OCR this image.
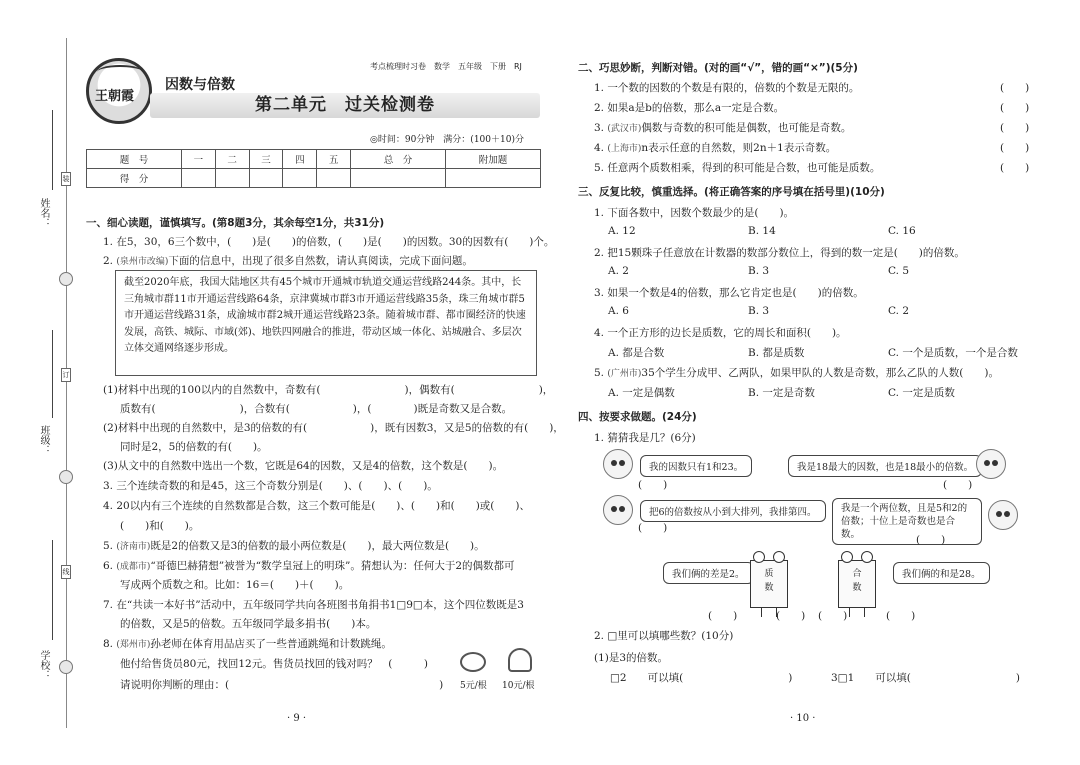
姓名：
班级：
学校：
装
订
线
王朝霞
考点梳理时习卷　数学　五年级　下册　RJ
因数与倍数
第二单元　过关检测卷
◎时间：90分钟　满分：(100＋10)分
题　号	一	二	三	四	五	总　分	附加题
得　分							
一、细心读题，谨慎填写。(第8题3分，其余每空1分，共31分)
1. 在5，30，6三个数中，(　　)是(　　)的倍数，(　　)是(　　)的因数。30的因数有(　　)个。
2. (泉州市改编)下面的信息中，出现了很多自然数，请认真阅读，完成下面问题。
截至2020年底，我国大陆地区共有45个城市开通城市轨道交通运营线路244条。其中，长三角城市群11市开通运营线路64条，京津冀城市群3市开通运营线路35条，珠三角城市群5市开通运营线路31条，成渝城市群2城开通运营线路23条。随着城市群、都市圈经济的快速发展，高铁、城际、市域(郊)、地铁四网融合的推进，带动区域一体化、站城融合、多层次立体交通网络逐步形成。
(1)材料中出现的100以内的自然数中，奇数有(　　　　　　　　)，偶数有(　　　　　　　　)，
质数有(　　　　　　　　)，合数有(　　　　　　)，(　　　　)既是奇数又是合数。
(2)材料中出现的自然数中，是3的倍数的有(　　　　　　)，既有因数3，又是5的倍数的有(　　)，
同时是2，5的倍数的有(　　)。
(3)从文中的自然数中选出一个数，它既是64的因数，又是4的倍数，这个数是(　　)。
3. 三个连续奇数的和是45，这三个奇数分别是(　　)、(　　)、(　　)。
4. 20以内有三个连续的自然数都是合数，这三个数可能是(　　)、(　　)和(　　)或(　　)、
(　　)和(　　)。
5. (济南市)既是2的倍数又是3的倍数的最小两位数是(　　)，最大两位数是(　　)。
6. (成都市)“哥德巴赫猜想”被誉为“数学皇冠上的明珠”。猜想认为：任何大于2的偶数都可
写成两个质数之和。比如：16＝(　　)＋(　　)。
7. 在“共读一本好书”活动中，五年级同学共向各班图书角捐书1□9□本，这个四位数既是3
的倍数，又是5的倍数。五年级同学最多捐书(　　)本。
8. (郑州市)孙老师在体育用品店买了一些普通跳绳和计数跳绳。
他付给售货员80元，找回12元。售货员找回的钱对吗？　(　　　)
请说明你判断的理由：(　　　　　　　　　　　　　　　　　　　　) 5元/根 10元/根
· 9 ·
二、巧思妙断，判断对错。(对的画“√”，错的画“×”)(5分)
1. 一个数的因数的个数是有限的，倍数的个数是无限的。	(　　)
2. 如果a是b的倍数，那么a一定是合数。	(　　)
3. (武汉市)偶数与奇数的积可能是偶数，也可能是奇数。	(　　)
4. (上海市)n表示任意的自然数，则2n＋1表示奇数。	(　　)
5. 任意两个质数相乘，得到的积可能是合数，也可能是质数。	(　　)
三、反复比较，慎重选择。(将正确答案的序号填在括号里)(10分)
1. 下面各数中，因数个数最少的是(　　)。
A. 12	B. 14	C. 16
2. 把15颗珠子任意放在计数器的数部分数位上，得到的数一定是(　　)的倍数。
A. 2	B. 3	C. 5
3. 如果一个数是4的倍数，那么它肯定也是(　　)的倍数。
A. 6	B. 3	C. 2
4. 一个正方形的边长是质数，它的周长和面积(　　)。
A. 都是合数	B. 都是质数	C. 一个是质数，一个是合数
5. (广州市)35个学生分成甲、乙两队，如果甲队的人数是奇数，那么乙队的人数(　　)。
A. 一定是偶数	B. 一定是奇数	C. 一定是质数
四、按要求做题。(24分)
1. 猜猜我是几？(6分)
我的因数只有1和23。
(　　)
我是18最大的因数，也是18最小的倍数。
(　　)
把6的倍数按从小到大排列，我排第四。
(　　)
我是一个两位数，且是5和2的倍数；十位上是奇数也是合数。	(　　)
我们俩的差是2。	质
数
(　　)	(　　)
合
数
我们俩的和是28。
(　　)	(　　)
2. □里可以填哪些数？(10分)
(1)是3的倍数。
□2　　可以填(　　　　　　　　　　)	3□1　　可以填(　　　　　　　　　　)
· 10 ·
